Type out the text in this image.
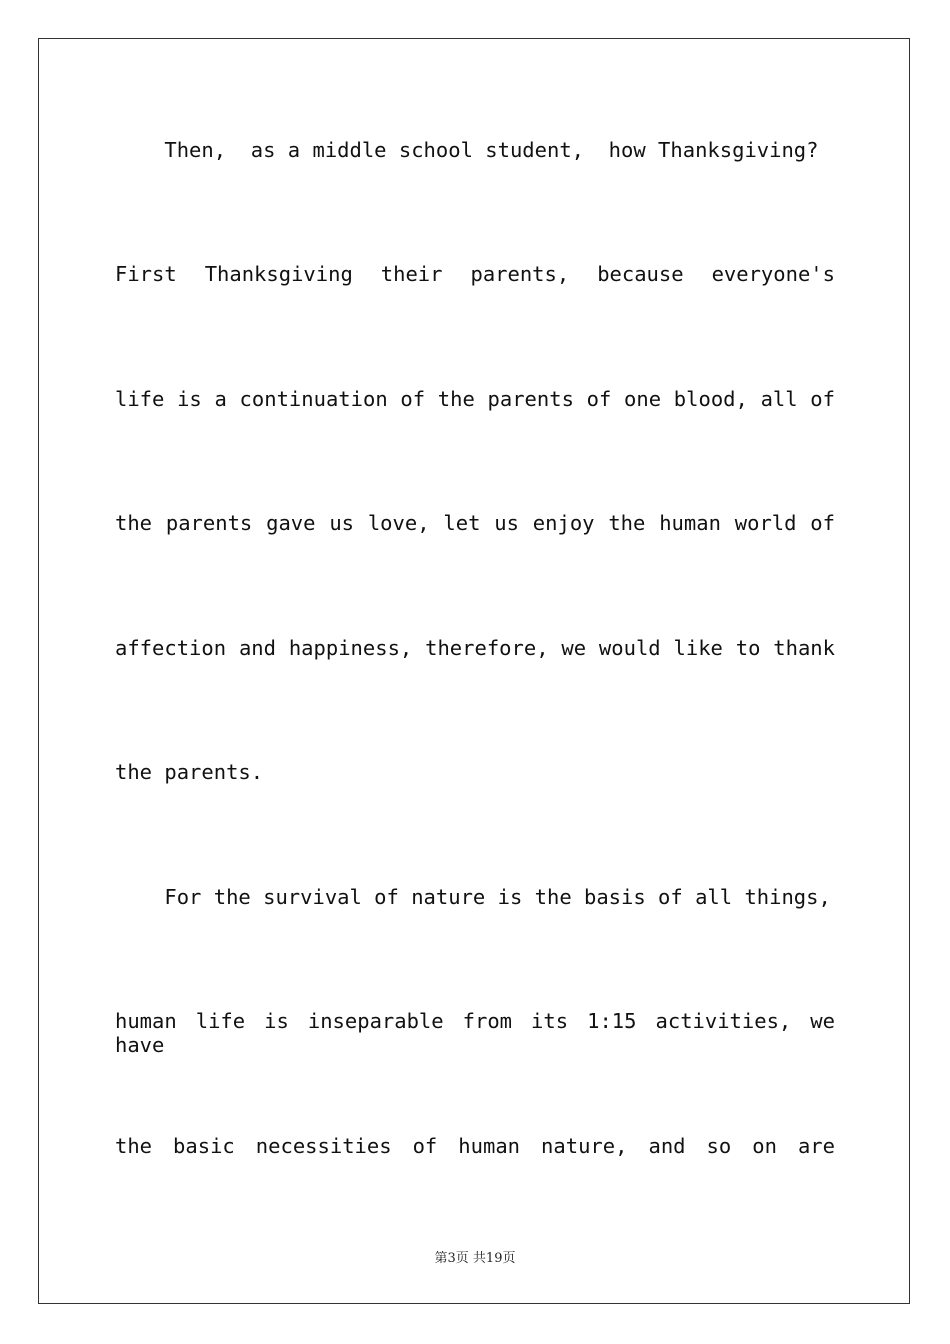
Then,  as a middle school student,  how Thanksgiving?
First Thanksgiving their parents, because everyone's
life is a continuation of the parents of one blood, all of
the parents gave us love, let us enjoy the human world of
affection and happiness, therefore, we would like to thank
the parents.
For the survival of nature is the basis of all things,
human life is inseparable from its 1:15 activities, we have
the basic necessities of human nature, and so on are
第3页 共19页
